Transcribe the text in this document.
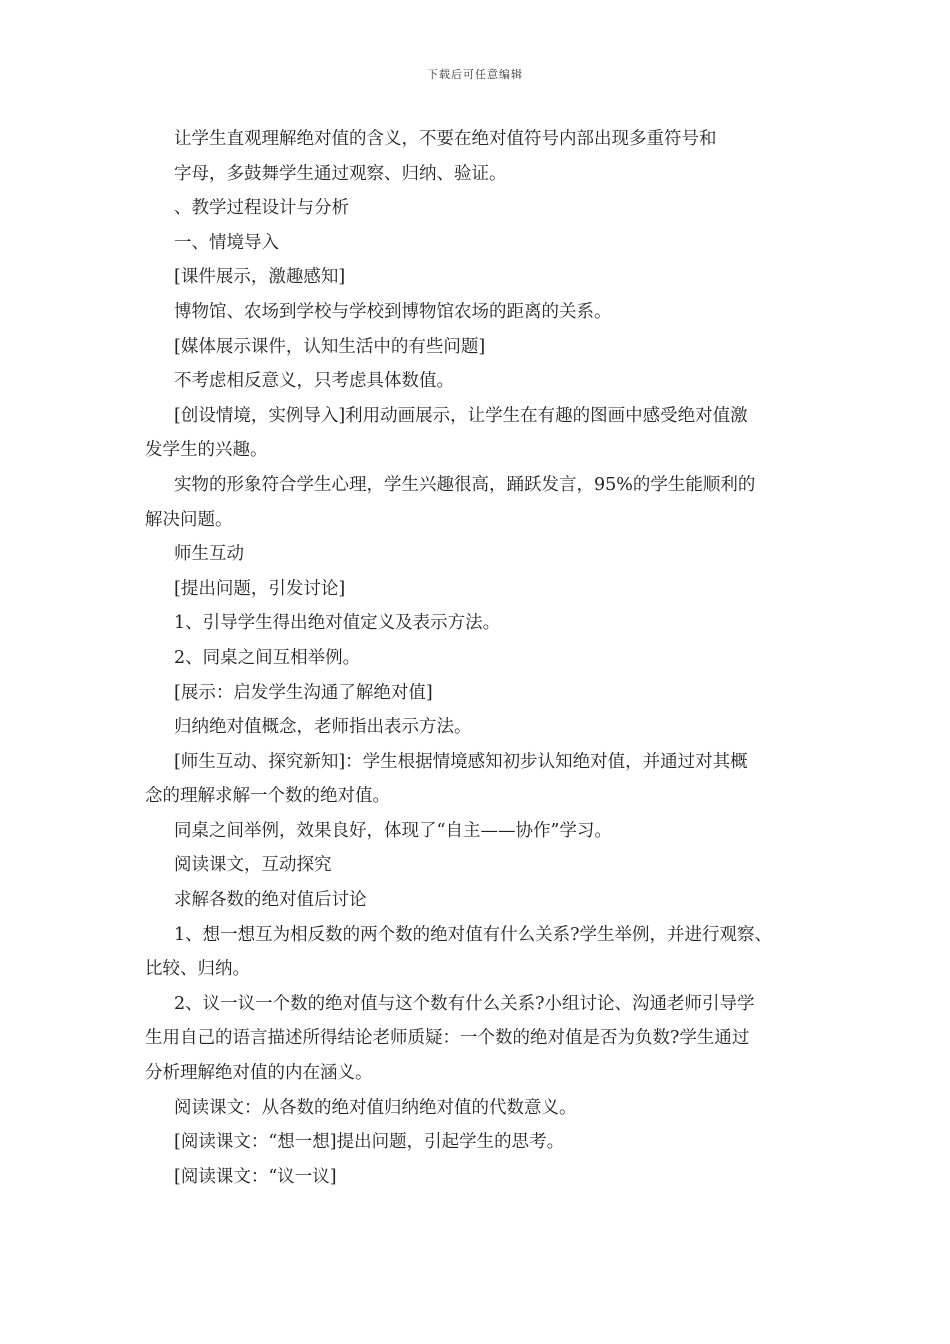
下载后可任意编辑
让学生直观理解绝对值的含义，不要在绝对值符号内部出现多重符号和
字母，多鼓舞学生通过观察、归纳、验证。
、教学过程设计与分析
一、情境导入
[课件展示，激趣感知]
博物馆、农场到学校与学校到博物馆农场的距离的关系。
[媒体展示课件，认知生活中的有些问题]
不考虑相反意义，只考虑具体数值。
[创设情境，实例导入]利用动画展示，让学生在有趣的图画中感受绝对值激
发学生的兴趣。
实物的形象符合学生心理，学生兴趣很高，踊跃发言，95%的学生能顺利的
解决问题。
师生互动
[提出问题，引发讨论]
1、引导学生得出绝对值定义及表示方法。
2、同桌之间互相举例。
[展示：启发学生沟通了解绝对值]
归纳绝对值概念，老师指出表示方法。
[师生互动、探究新知]：学生根据情境感知初步认知绝对值，并通过对其概
念的理解求解一个数的绝对值。
同桌之间举例，效果良好，体现了“自主——协作”学习。
阅读课文，互动探究
求解各数的绝对值后讨论
1、想一想互为相反数的两个数的绝对值有什么关系?学生举例，并进行观察、
比较、归纳。
2、议一议一个数的绝对值与这个数有什么关系?小组讨论、沟通老师引导学
生用自己的语言描述所得结论老师质疑：一个数的绝对值是否为负数?学生通过
分析理解绝对值的内在涵义。
阅读课文：从各数的绝对值归纳绝对值的代数意义。
[阅读课文：“想一想]提出问题，引起学生的思考。
[阅读课文：“议一议]
